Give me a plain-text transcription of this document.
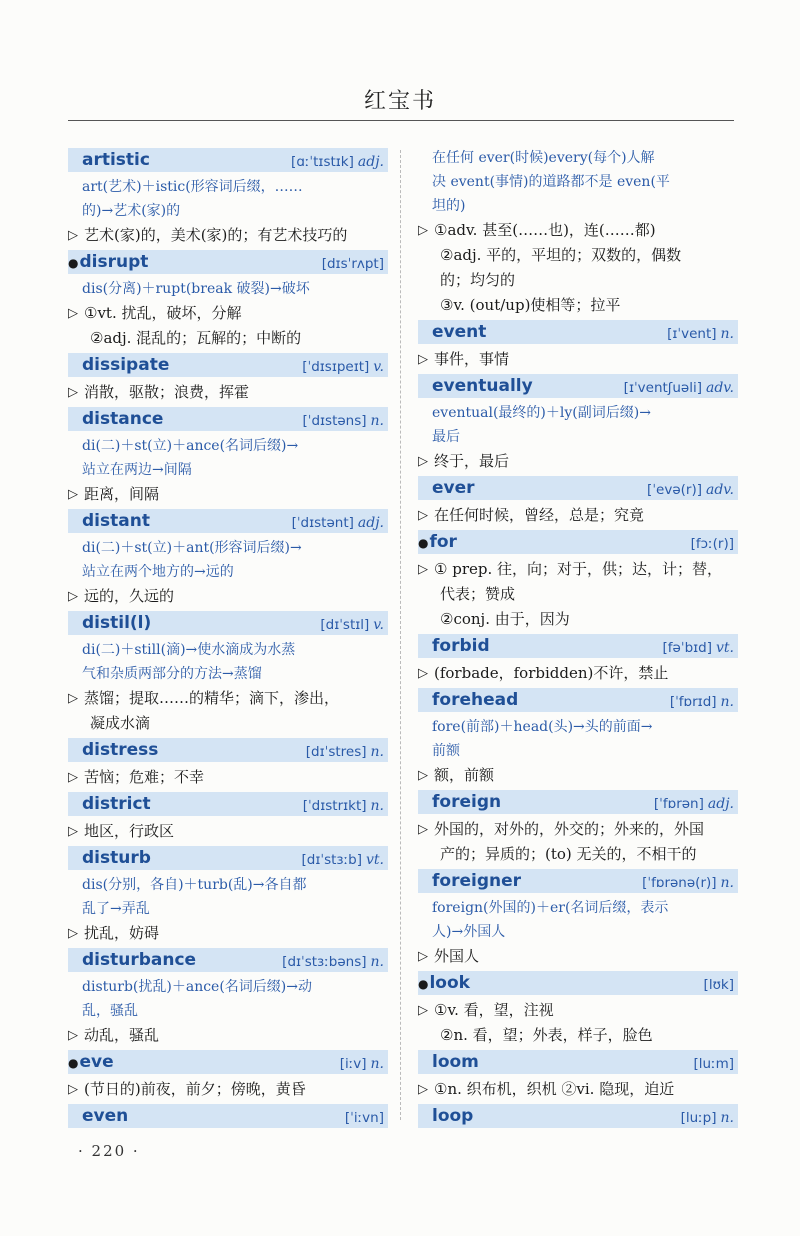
红宝书
artistic	[ɑːˈtɪstɪk] adj.

art(艺术)＋istic(形容词后缀，……

的)→艺术(家)的

▷ 艺术(家)的，美术(家)的；有艺术技巧的

●disrupt	[dɪsˈrʌpt]

dis(分离)＋rupt(break 破裂)→破坏

▷ ①vt. 扰乱，破坏，分解

②adj. 混乱的；瓦解的；中断的

dissipate	[ˈdɪsɪpeɪt] v.

▷ 消散，驱散；浪费，挥霍

distance	[ˈdɪstəns] n.

di(二)＋st(立)＋ance(名词后缀)→

站立在两边→间隔

▷ 距离，间隔

distant	[ˈdɪstənt] adj.

di(二)＋st(立)＋ant(形容词后缀)→

站立在两个地方的→远的

▷ 远的，久远的

distil(l)	[dɪˈstɪl] v.

di(二)＋still(滴)→使水滴成为水蒸

气和杂质两部分的方法→蒸馏

▷ 蒸馏；提取……的精华；滴下，渗出，

凝成水滴

distress	[dɪˈstres] n.

▷ 苦恼；危难；不幸

district	[ˈdɪstrɪkt] n.

▷ 地区，行政区

disturb	[dɪˈstɜːb] vt.

dis(分别，各自)＋turb(乱)→各自都

乱了→弄乱

▷ 扰乱，妨碍

disturbance	[dɪˈstɜːbəns] n.

disturb(扰乱)＋ance(名词后缀)→动

乱，骚乱

▷ 动乱，骚乱

●eve	[iːv] n.

▷ (节日的)前夜，前夕；傍晚，黄昏

even	[ˈiːvn]

在任何 ever(时候)every(每个)人解

决 event(事情)的道路都不是 even(平

坦的)

▷ ①adv. 甚至(……也)，连(……都)

②adj. 平的，平坦的；双数的，偶数

的；均匀的

③v. (out/up)使相等；拉平

event	[ɪˈvent] n.

▷ 事件，事情

eventually	[ɪˈventʃuəli] adv.

eventual(最终的)＋ly(副词后缀)→

最后

▷ 终于，最后

ever	[ˈevə(r)] adv.

▷ 在任何时候，曾经，总是；究竟

●for	[fɔː(r)]

▷ ① prep. 往，向；对于，供；达，计；替，

代表；赞成

②conj. 由于，因为

forbid	[fəˈbɪd] vt.

▷ (forbade，forbidden)不许，禁止

forehead	[ˈfɒrɪd] n.

fore(前部)＋head(头)→头的前面→

前额

▷ 额，前额

foreign	[ˈfɒrən] adj.

▷ 外国的，对外的，外交的；外来的，外国

产的；异质的；(to) 无关的，不相干的

foreigner	[ˈfɒrənə(r)] n.

foreign(外国的)＋er(名词后缀，表示

人)→外国人

▷ 外国人

●look	[lʊk]

▷ ①v. 看，望，注视

②n. 看，望；外表，样子，脸色

loom	[luːm]

▷ ①n. 织布机，织机 ②vi. 隐现，迫近

loop	[luːp] n.
· 220 ·
